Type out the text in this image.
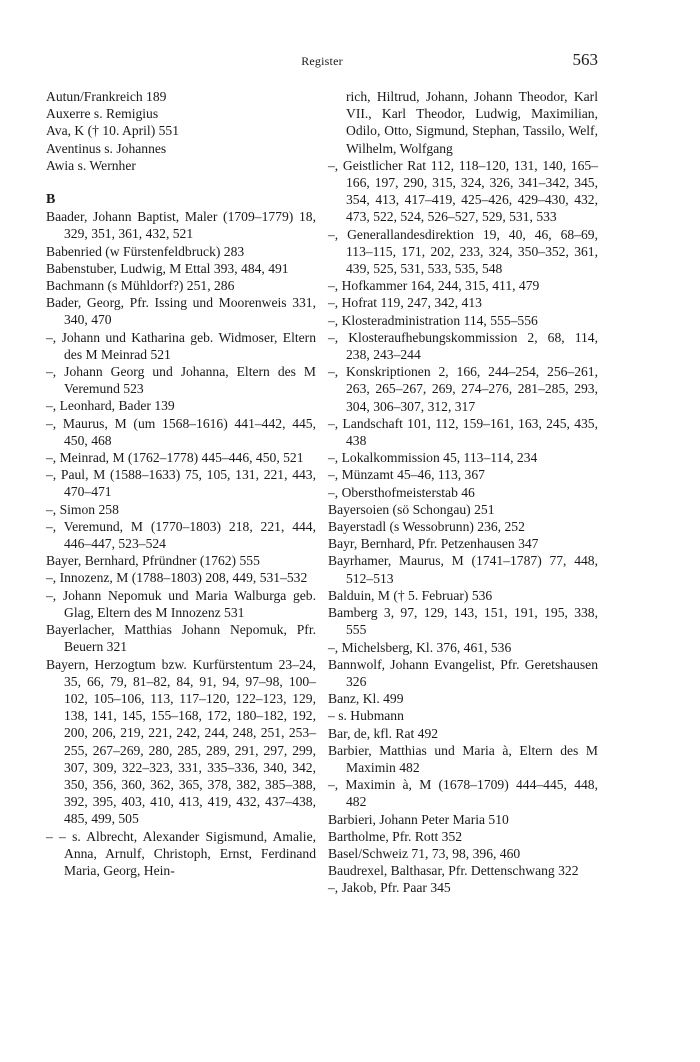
Register	563
Autun/Frankreich 189
Auxerre s. Remigius
Ava, K († 10. April) 551
Aventinus s. Johannes
Awia s. Wernher
B
Baader, Johann Baptist, Maler (1709–1779) 18, 329, 351, 361, 432, 521
Babenried (w Fürstenfeldbruck) 283
Babenstuber, Ludwig, M Ettal 393, 484, 491
Bachmann (s Mühldorf?) 251, 286
Bader, Georg, Pfr. Issing und Moorenweis 331, 340, 470
–, Johann und Katharina geb. Widmoser, Eltern des M Meinrad 521
–, Johann Georg und Johanna, Eltern des M Veremund 523
–, Leonhard, Bader 139
–, Maurus, M (um 1568–1616) 441–442, 445, 450, 468
–, Meinrad, M (1762–1778) 445–446, 450, 521
–, Paul, M (1588–1633) 75, 105, 131, 221, 443, 470–471
–, Simon 258
–, Veremund, M (1770–1803) 218, 221, 444, 446–447, 523–524
Bayer, Bernhard, Pfründner (1762) 555
–, Innozenz, M (1788–1803) 208, 449, 531–532
–, Johann Nepomuk und Maria Walburga geb. Glag, Eltern des M Innozenz 531
Bayerlacher, Matthias Johann Nepomuk, Pfr. Beuern 321
Bayern, Herzogtum bzw. Kurfürstentum 23–24, 35, 66, 79, 81–82, 84, 91, 94, 97–98, 100–102, 105–106, 113, 117–120, 122–123, 129, 138, 141, 145, 155–168, 172, 180–182, 192, 200, 206, 219, 221, 242, 244, 248, 251, 253–255, 267–269, 280, 285, 289, 291, 297, 299, 307, 309, 322–323, 331, 335–336, 340, 342, 350, 356, 360, 362, 365, 378, 382, 385–388, 392, 395, 403, 410, 413, 419, 432, 437–438, 485, 499, 505
– – s. Albrecht, Alexander Sigismund, Amalie, Anna, Arnulf, Christoph, Ernst, Ferdinand Maria, Georg, Hein-
rich, Hiltrud, Johann, Johann Theodor, Karl VII., Karl Theodor, Ludwig, Maximilian, Odilo, Otto, Sigmund, Stephan, Tassilo, Welf, Wilhelm, Wolfgang
–, Geistlicher Rat 112, 118–120, 131, 140, 165–166, 197, 290, 315, 324, 326, 341–342, 345, 354, 413, 417–419, 425–426, 429–430, 432, 473, 522, 524, 526–527, 529, 531, 533
–, Generallandesdirektion 19, 40, 46, 68–69, 113–115, 171, 202, 233, 324, 350–352, 361, 439, 525, 531, 533, 535, 548
–, Hofkammer 164, 244, 315, 411, 479
–, Hofrat 119, 247, 342, 413
–, Klosteradministration 114, 555–556
–, Klosteraufhebungskommission 2, 68, 114, 238, 243–244
–, Konskriptionen 2, 166, 244–254, 256–261, 263, 265–267, 269, 274–276, 281–285, 293, 304, 306–307, 312, 317
–, Landschaft 101, 112, 159–161, 163, 245, 435, 438
–, Lokalkommission 45, 113–114, 234
–, Münzamt 45–46, 113, 367
–, Obersthofmeisterstab 46
Bayersoien (sö Schongau) 251
Bayerstadl (s Wessobrunn) 236, 252
Bayr, Bernhard, Pfr. Petzenhausen 347
Bayrhamer, Maurus, M (1741–1787) 77, 448, 512–513
Balduin, M († 5. Februar) 536
Bamberg 3, 97, 129, 143, 151, 191, 195, 338, 555
–, Michelsberg, Kl. 376, 461, 536
Bannwolf, Johann Evangelist, Pfr. Geretshausen 326
Banz, Kl. 499
– s. Hubmann
Bar, de, kfl. Rat 492
Barbier, Matthias und Maria à, Eltern des M Maximin 482
–, Maximin à, M (1678–1709) 444–445, 448, 482
Barbieri, Johann Peter Maria 510
Bartholme, Pfr. Rott 352
Basel/Schweiz 71, 73, 98, 396, 460
Baudrexel, Balthasar, Pfr. Dettenschwang 322
–, Jakob, Pfr. Paar 345
